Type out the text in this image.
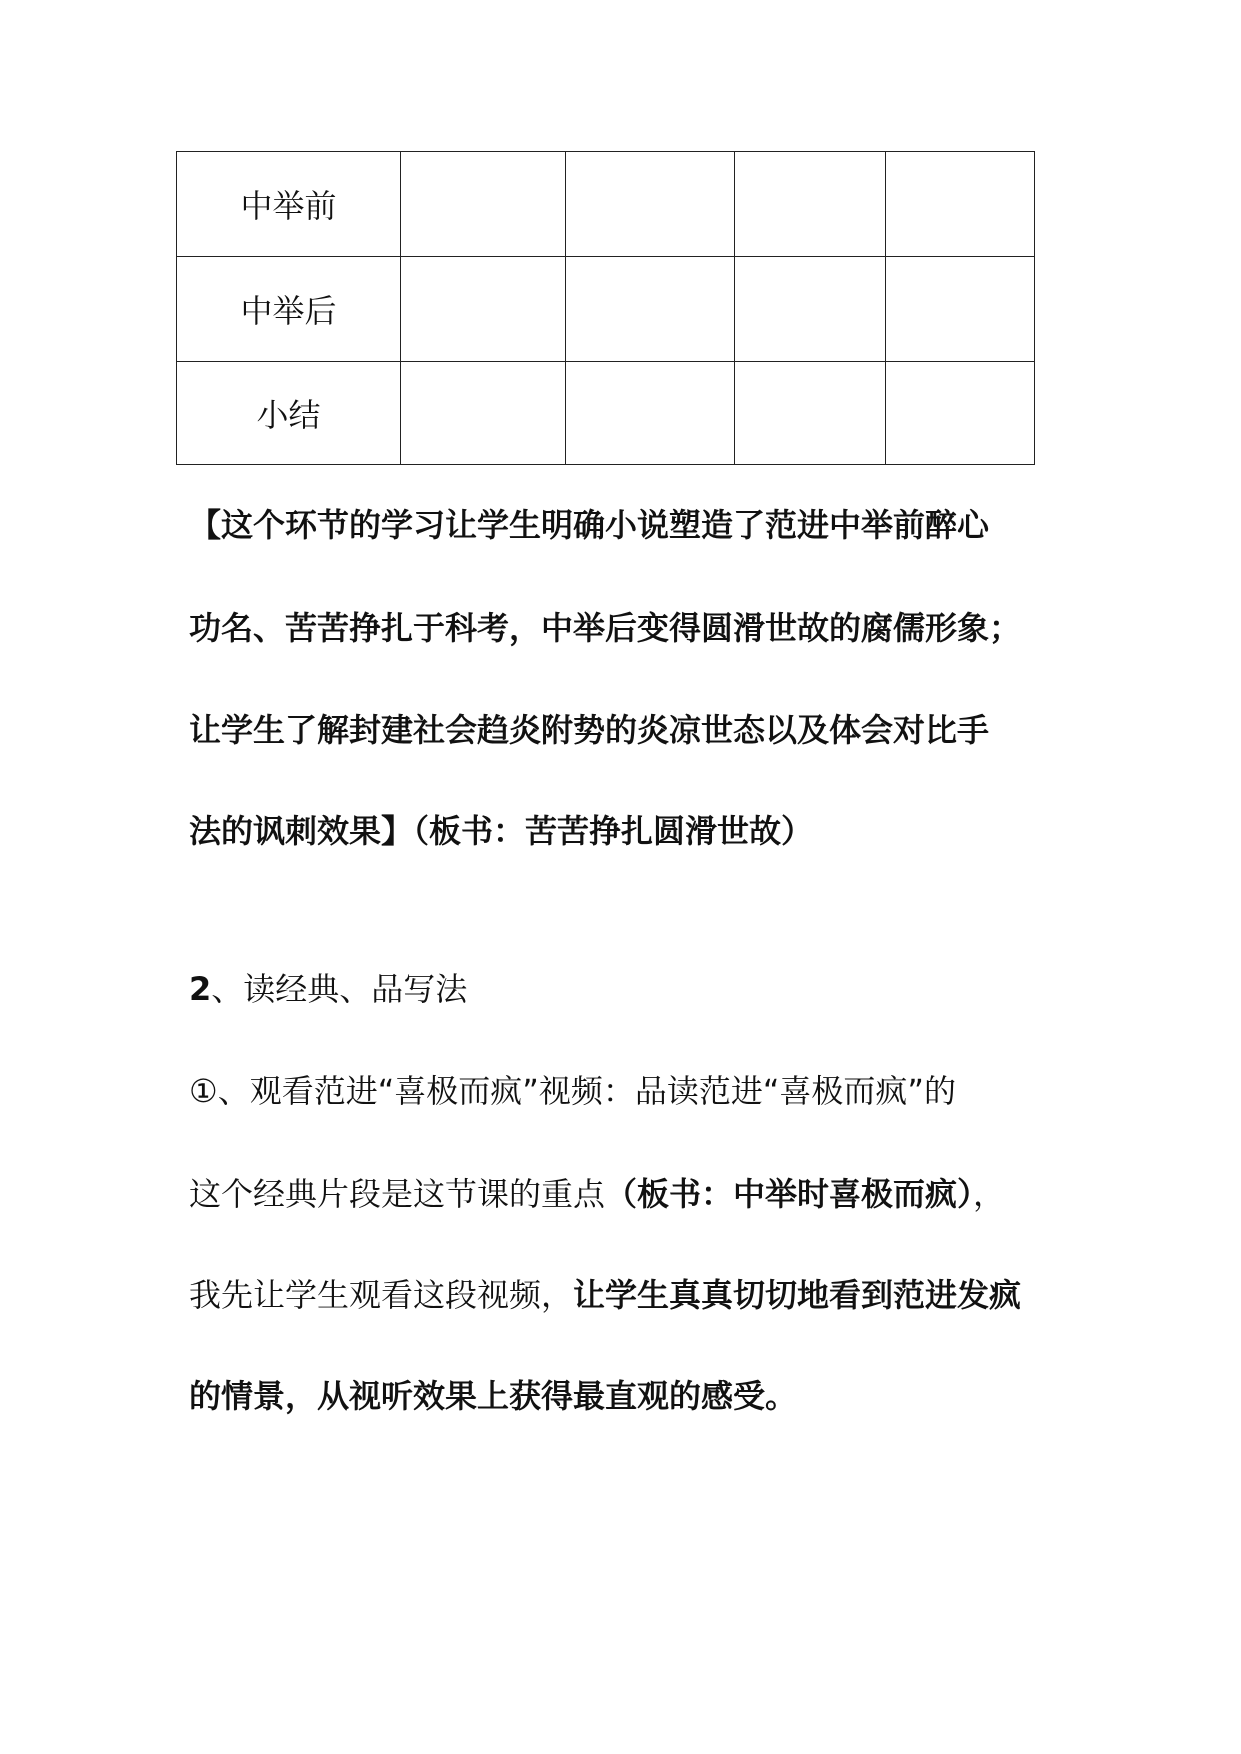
中举前				
中举后				
小结				
【这个环节的学习让学生明确小说塑造了范进中举前醉心
功名、苦苦挣扎于科考，中举后变得圆滑世故的腐儒形象；
让学生了解封建社会趋炎附势的炎凉世态以及体会对比手
法的讽刺效果】（板书：苦苦挣扎圆滑世故）
2、读经典、品写法
①、观看范进“喜极而疯”视频：品读范进“喜极而疯”的
这个经典片段是这节课的重点（板书：中举时喜极而疯），
我先让学生观看这段视频，让学生真真切切地看到范进发疯
的情景，从视听效果上获得最直观的感受。
